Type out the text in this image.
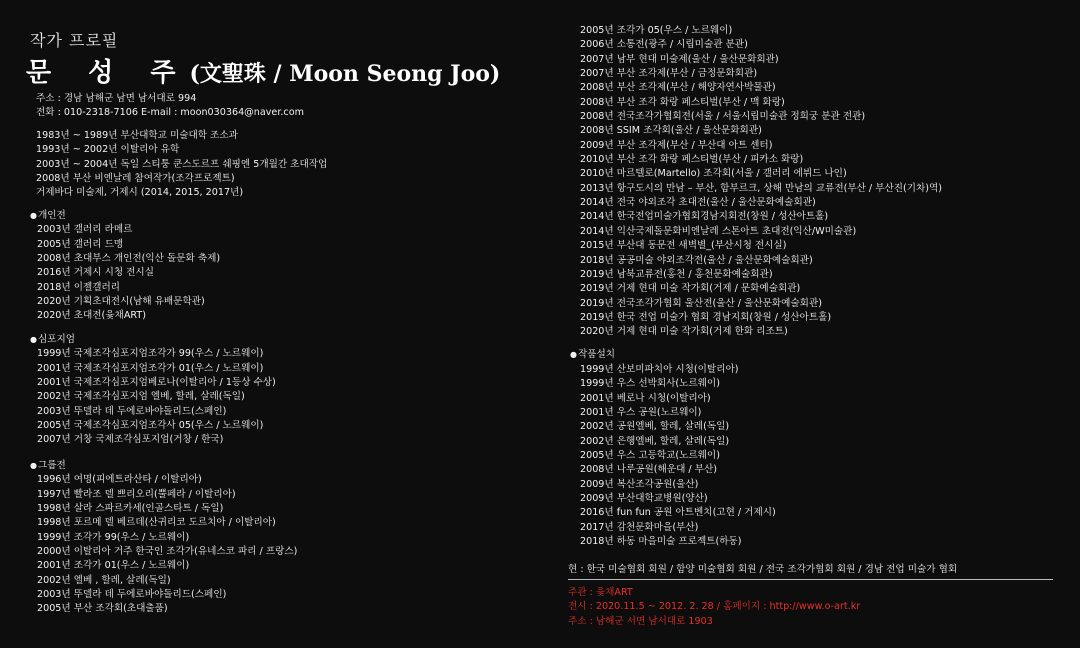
작가 프로필
문 성 주(文聖珠 / Moon Seong Joo)
주소 : 경남 남해군 남면 남서대로 994
전화 : 010-2318-7106 E-mail : moon030364@naver.com
1983년 ~ 1989년 부산대학교 미술대학 조소과
1993년 ~ 2002년 이탈리아 유학
2003년 ~ 2004년 독일 스티퉁 쿤스도르프 쉐핑엔 5개월간 초대작업
2008년 부산 비엔날레 참여작가(조각프로젝트)
거제바다 미술제, 거제시 (2014, 2015, 2017년)
●개인전
2003년 갤러리 라메르
2005년 갤러리 드맹
2008년 초대부스 개인전(익산 돌문화 축제)
2016년 거제시 시청 전시실
2018년 이젤갤러리
2020년 기획초대전시(남해 유배문학관)
2020년 초대전(윷채ART)
●심포지엄
1999년 국제조각심포지엄조각가 99(우스 / 노르웨이)
2001년 국제조각심포지엄조각가 01(우스 / 노르웨이)
2001년 국제조각심포지엄베로나(이탈리아 / 1등상 수상)
2002년 국제조각심포지엄 엘베, 할레, 살레(독일)
2003년 뚜델라 데 두에로바야돌리드(스페인)
2005년 국제조각심포지엄조각사 05(우스 / 노르웨이)
2007년 거창 국제조각심포지엄(거창 / 한국)
●그룹전
1996년 여명(피에트라산타 / 이탈리아)
1997년 빨라조 델 쁘리오리(뿔페라 / 이탈리아)
1998년 살라 스파르카세(인골스타트 / 독일)
1998년 포르메 델 베르데(산귀리코 도르치아 / 이탈리아)
1999년 조각가 99(우스 / 노르웨이)
2000년 이탈리아 거주 한국인 조각가(유네스코 파리 / 프랑스)
2001년 조각가 01(우스 / 노르웨이)
2002년 엘베 , 할레, 살레(독일)
2003년 뚜델라 데 두에로바야돌리드(스페인)
2005년 부산 조각회(초대출품)
2005년 조각가 05(우스 / 노르웨이)
2006년 소통전(광주 / 시립미술관 분관)
2007년 남부 현대 미술제(울산 / 울산문화회관)
2007년 부산 조각제(부산 / 금정문화회관)
2008년 부산 조각제(부산 / 해양자연사박물관)
2008년 부산 조각 화랑 페스티벌(부산 / 맥 화랑)
2008년 전국조각가협회전(서울 / 서울시립미술관 정희궁 분관 전관)
2008년 SSIM 조각회(울산 / 울산문화회관)
2009년 부산 조각제(부산 / 부산대 아트 센터)
2010년 부산 조각 화랑 페스티벌(부산 / 피카소 화랑)
2010년 마르텔로(Martello) 조각회(서울 / 갤러리 에뷔드 나인)
2013년 항구도시의 만남 – 부산, 함부르크, 상해 만남의 교류전(부산 / 부산진(기차)역)
2014년 전국 야외조각 초대전(울산 / 울산문화예술회관)
2014년 한국전업미술가협회경남지회전(창원 / 성산아트홀)
2014년 익산국제돌문화비엔날레 스톤아트 초대전(익산/W미술관)
2015년 부산대 동문전 새벽별_(부산시청 전시실)
2018년 공공미술 야외조각전(울산 / 울산문화예술회관)
2019년 남북교류전(홍천 / 홍천문화예술회관)
2019년 거제 현대 미술 작가회(거제 / 문화예술회관)
2019년 전국조각가협회 울산전(울산 / 울산문화예술회관)
2019년 한국 전업 미술가 협회 경남지회(창원 / 성산아트홀)
2020년 거제 현대 미술 작가회(거제 한화 리조트)
●작품설치
1999년 산보미파치아 시청(이탈리아)
1999년 우스 선박회사(노르웨이)
2001년 베로나 시청(이탈리아)
2001년 우스 공원(노르웨이)
2002년 공원엘베, 할레, 살레(독일)
2002년 은행엘베, 할레, 살레(독일)
2005년 우스 고등학교(노르웨이)
2008년 나루공원(해운대 / 부산)
2009년 복산조각공원(울산)
2009년 부산대학교병원(양산)
2016년 fun fun 공원 아트벤치(고현 / 거제시)
2017년 감천문화마을(부산)
2018년 하동 마을미술 프로젝트(하동)
현 : 한국 미술협회 회원 / 함양 미술협회 회원 / 전국 조각가협회 회원 / 경남 전업 미술가 협회
주관 : 윷채ART
전시 : 2020.11.5 ~ 2012. 2. 28 / 홈페이지 : http://www.o-art.kr
주소 : 남해군 서면 남서대로 1903
